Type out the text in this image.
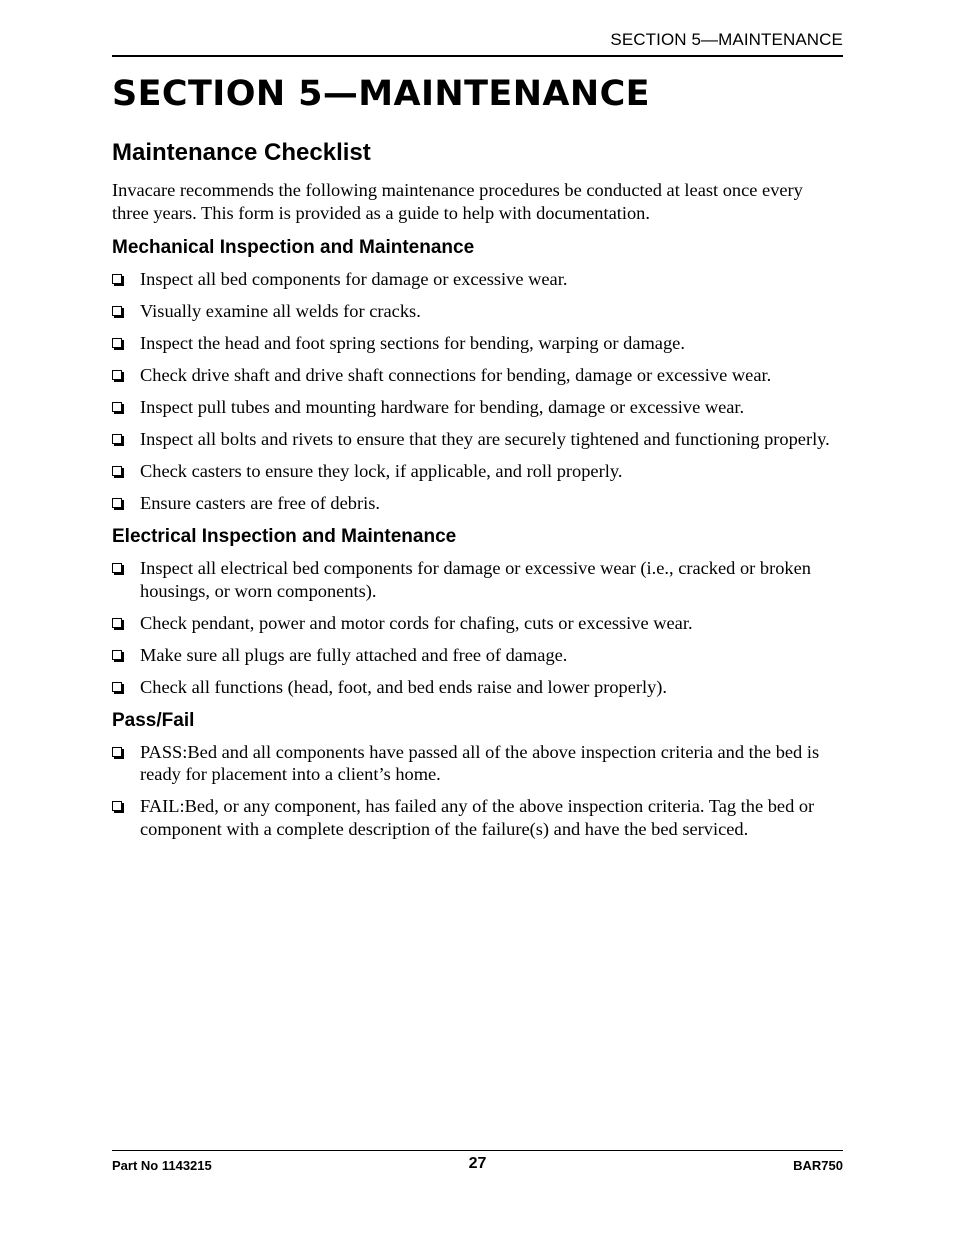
SECTION 5—MAINTENANCE
SECTION 5—MAINTENANCE
Maintenance Checklist

Invacare recommends the following maintenance procedures be conducted at least once every three years. This form is provided as a guide to help with documentation.

Mechanical Inspection and Maintenance
Inspect all bed components for damage or excessive wear.
Visually examine all welds for cracks.
Inspect the head and foot spring sections for bending, warping or damage.
Check drive shaft and drive shaft connections for bending, damage or excessive wear.
Inspect pull tubes and mounting hardware for bending, damage or excessive wear.
Inspect all bolts and rivets to ensure that they are securely tightened and functioning properly.
Check casters to ensure they lock, if applicable, and roll properly.
Ensure casters are free of debris.
Electrical Inspection and Maintenance
Inspect all electrical bed components for damage or excessive wear (i.e., cracked or broken housings, or worn components).
Check pendant, power and motor cords for chafing, cuts or excessive wear.
Make sure all plugs are fully attached and free of damage.
Check all functions (head, foot, and bed ends raise and lower properly).
Pass/Fail
PASS:Bed and all components have passed all of the above inspection criteria and the bed is ready for placement into a client’s home.
FAIL:Bed, or any component, has failed any of the above inspection criteria. Tag the bed or component with a complete description of the failure(s) and have the bed serviced.
Part No 1143215	27	BAR750
